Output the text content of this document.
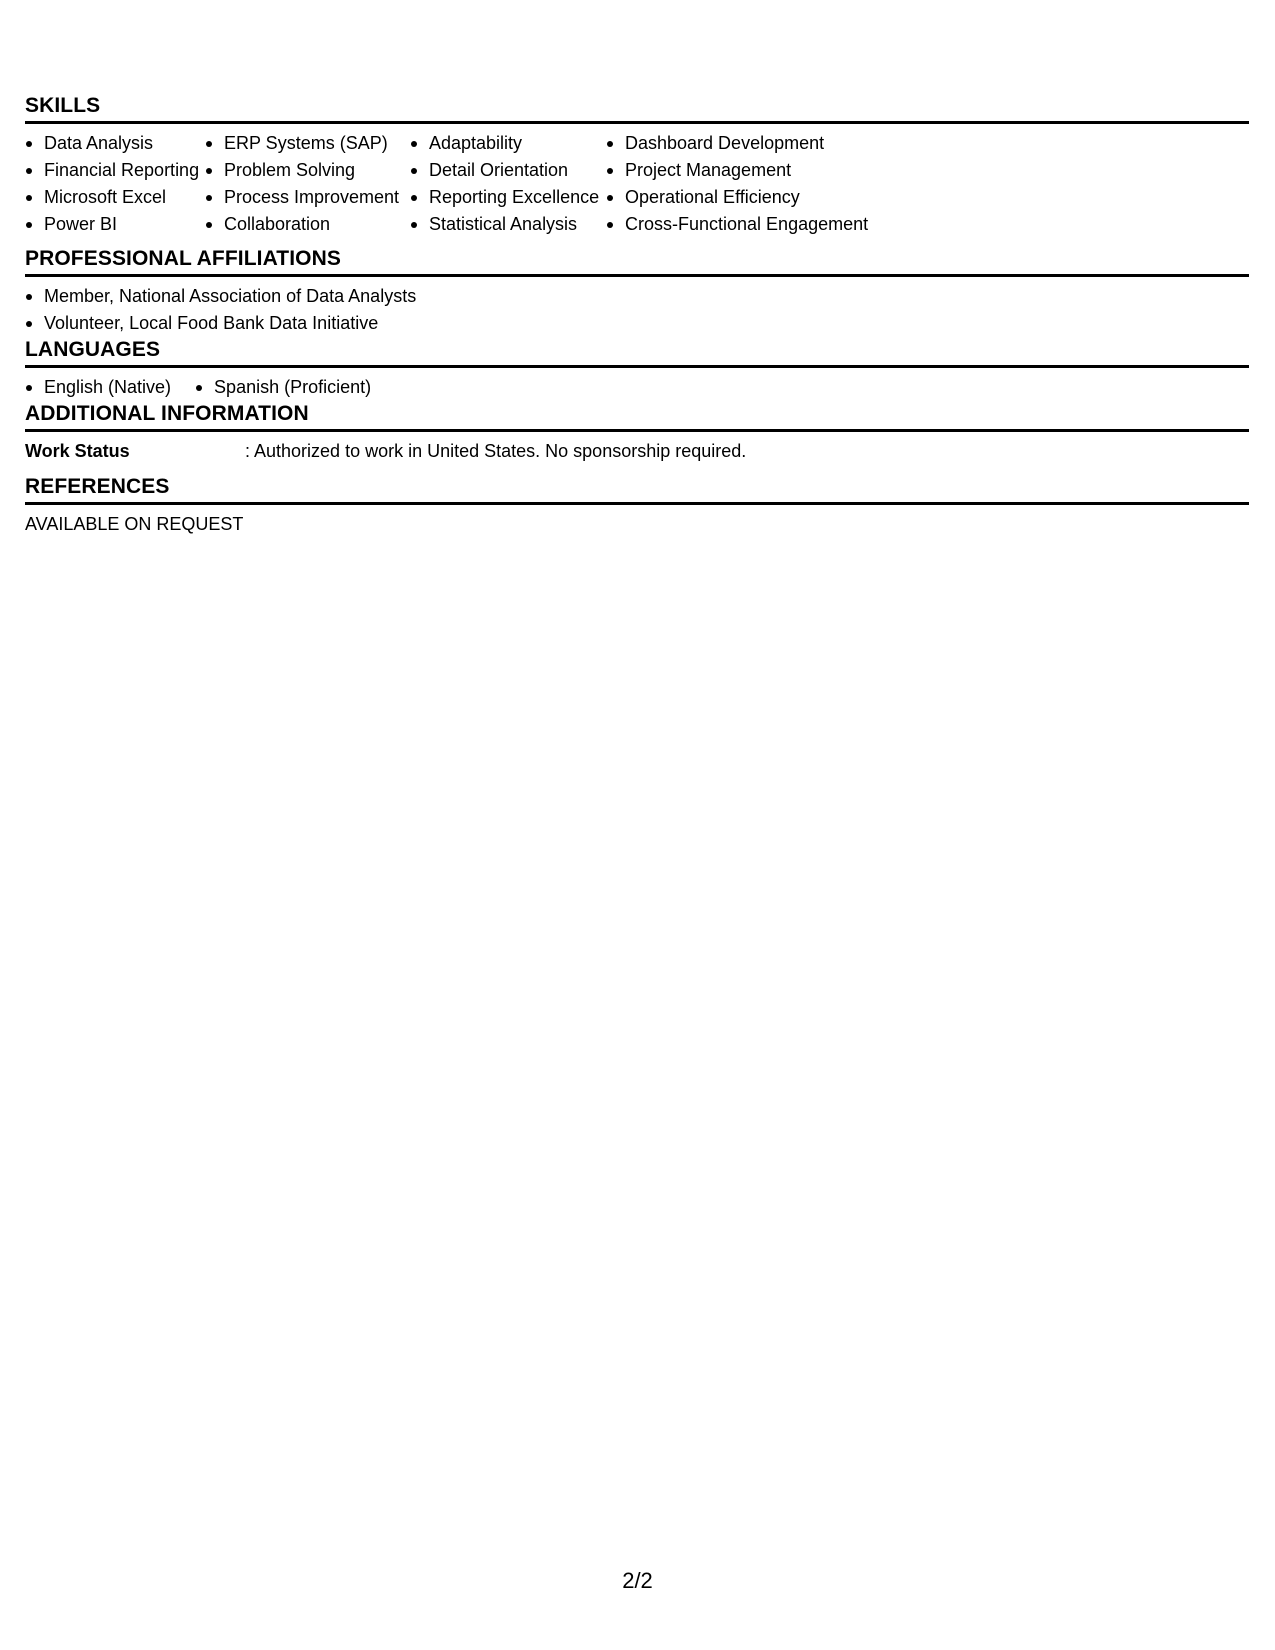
SKILLS
Data Analysis
Financial Reporting
Microsoft Excel
Power BI
ERP Systems (SAP)
Problem Solving
Process Improvement
Collaboration
Adaptability
Detail Orientation
Reporting Excellence
Statistical Analysis
Dashboard Development
Project Management
Operational Efficiency
Cross-Functional Engagement
PROFESSIONAL AFFILIATIONS
Member, National Association of Data Analysts
Volunteer, Local Food Bank Data Initiative
LANGUAGES
English (Native)	Spanish (Proficient)
ADDITIONAL INFORMATION
Work Status	: Authorized to work in United States. No sponsorship required.
REFERENCES
AVAILABLE ON REQUEST
2/2
